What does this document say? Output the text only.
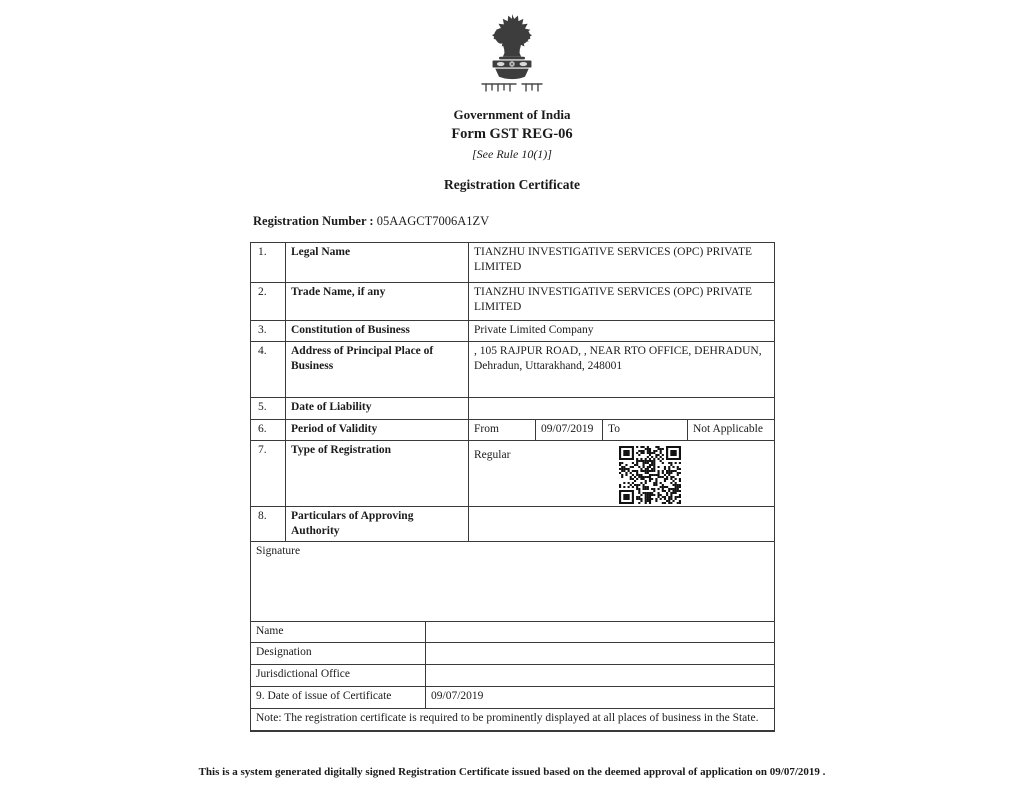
Government of India
Form GST REG-06
[See Rule 10(1)]
Registration Certificate
Registration Number : 05AAGCT7006A1ZV
1.	Legal Name	TIANZHU INVESTIGATIVE SERVICES (OPC) PRIVATE LIMITED			
2.	Trade Name, if any	TIANZHU INVESTIGATIVE SERVICES (OPC) PRIVATE LIMITED			
3.	Constitution of Business	Private Limited Company			
4.	Address of Principal Place of Business	, 105 RAJPUR ROAD, , NEAR RTO OFFICE, DEHRADUN, Dehradun, Uttarakhand, 248001			
5.	Date of Liability				
6.	Period of Validity	From	09/07/2019	To	Not Applicable
7.	Type of Registration	Regular			

8.	Particulars of Approving Authority				
Signature	
Name	
Designation	
Jurisdictional Office	
9. Date of issue of Certificate	09/07/2019
Note: The registration certificate is required to be prominently displayed at all places of business in the State.	
This is a system generated digitally signed Registration Certificate issued based on the deemed approval of application on 09/07/2019 .
